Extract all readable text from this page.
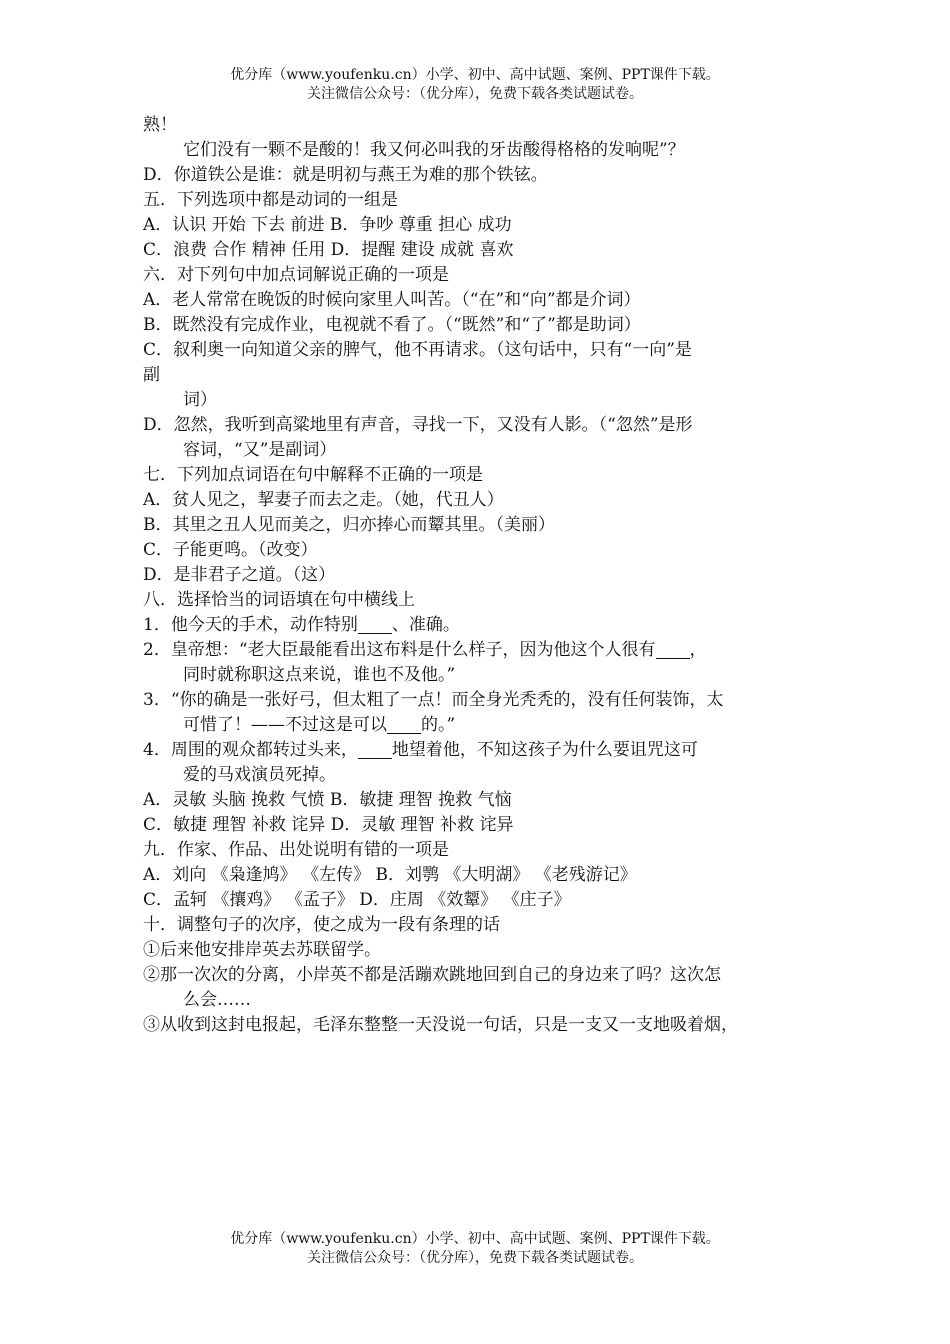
优分库（www.youfenku.cn）小学、初中、高中试题、案例、PPT课件下载。
关注微信公众号：（优分库），免费下载各类试题试卷。
熟！
它们没有一颗不是酸的！我又何必叫我的牙齿酸得格格的发响呢”？
D．你道铁公是谁：就是明初与燕王为难的那个铁铉。
五．下列选项中都是动词的一组是
A．认识 开始 下去 前进 B．争吵 尊重 担心 成功
C．浪费 合作 精神 任用 D．提醒 建设 成就 喜欢
六．对下列句中加点词解说正确的一项是
A．老人常常在晚饭的时候向家里人叫苦。（“在”和“向”都是介词）
B．既然没有完成作业，电视就不看了。（“既然”和“了”都是助词）
C．叙利奥一向知道父亲的脾气，他不再请求。（这句话中，只有“一向”是
副
词）
D．忽然，我听到高粱地里有声音，寻找一下，又没有人影。（“忽然”是形
容词，“又”是副词）
七．下列加点词语在句中解释不正确的一项是
A．贫人见之，挈妻子而去之走。（她，代丑人）
B．其里之丑人见而美之，归亦捧心而颦其里。（美丽）
C．子能更鸣。（改变）
D．是非君子之道。（这）
八．选择恰当的词语填在句中横线上
1．他今天的手术，动作特别 、准确。
2．皇帝想：“老大臣最能看出这布料是什么样子，因为他这个人很有 ，
同时就称职这点来说，谁也不及他。”
3．“你的确是一张好弓，但太粗了一点！而全身光秃秃的，没有任何装饰，太
可惜了！——不过这是可以 的。”
4．周围的观众都转过头来， 地望着他，不知这孩子为什么要诅咒这可
爱的马戏演员死掉。
A．灵敏 头脑 挽救 气愤 B．敏捷 理智 挽救 气恼
C．敏捷 理智 补救 诧异 D．灵敏 理智 补救 诧异
九．作家、作品、出处说明有错的一项是
A．刘向 《枭逢鸠》 《左传》 B．刘鹗 《大明湖》 《老残游记》
C．孟轲 《攘鸡》 《孟子》 D．庄周 《效颦》 《庄子》
十．调整句子的次序，使之成为一段有条理的话
①后来他安排岸英去苏联留学。
②那一次次的分离，小岸英不都是活蹦欢跳地回到自己的身边来了吗？这次怎
么会……
③从收到这封电报起，毛泽东整整一天没说一句话，只是一支又一支地吸着烟，
优分库（www.youfenku.cn）小学、初中、高中试题、案例、PPT课件下载。
关注微信公众号：（优分库），免费下载各类试题试卷。
